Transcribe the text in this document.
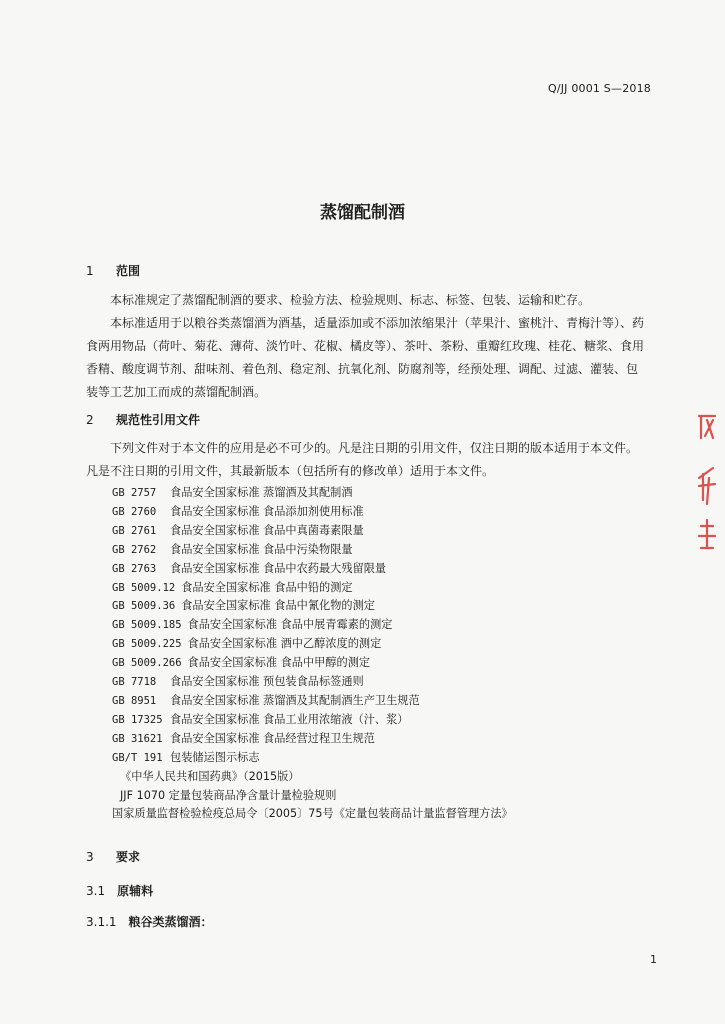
Q/JJ 0001 S—2018
蒸馏配制酒
1 范围

本标准规定了蒸馏配制酒的要求、检验方法、检验规则、标志、标签、包装、运输和贮存。

本标准适用于以粮谷类蒸馏酒为酒基，适量添加或不添加浓缩果汁（苹果汁、蜜桃汁、青梅汁等）、药食两用物品（荷叶、菊花、薄荷、淡竹叶、花椒、橘皮等）、茶叶、茶粉、重瓣红玫瑰、桂花、糖浆、食用香精、酸度调节剂、甜味剂、着色剂、稳定剂、抗氧化剂、防腐剂等，经预处理、调配、过滤、灌装、包装等工艺加工而成的蒸馏配制酒。

2 规范性引用文件

下列文件对于本文件的应用是必不可少的。凡是注日期的引用文件，仅注日期的版本适用于本文件。凡是不注日期的引用文件，其最新版本（包括所有的修改单）适用于本文件。

GB 2757 食品安全国家标准 蒸馏酒及其配制酒
GB 2760 食品安全国家标准 食品添加剂使用标准
GB 2761 食品安全国家标准 食品中真菌毒素限量
GB 2762 食品安全国家标准 食品中污染物限量
GB 2763 食品安全国家标准 食品中农药最大残留限量
GB 5009.12 食品安全国家标准 食品中铅的测定
GB 5009.36 食品安全国家标准 食品中氰化物的测定
GB 5009.185 食品安全国家标准 食品中展青霉素的测定
GB 5009.225 食品安全国家标准 酒中乙醇浓度的测定
GB 5009.266 食品安全国家标准 食品中甲醇的测定
GB 7718 食品安全国家标准 预包装食品标签通则
GB 8951 食品安全国家标准 蒸馏酒及其配制酒生产卫生规范
GB 17325 食品安全国家标准 食品工业用浓缩液（汁、浆）
GB 31621 食品安全国家标准 食品经营过程卫生规范
GB/T 191 包装储运图示标志
《中华人民共和国药典》（2015版）
JJF 1070 定量包装商品净含量计量检验规则
国家质量监督检验检疫总局令〔2005〕75号《定量包装商品计量监督管理方法》
3 要求
3.1 原辅料
3.1.1 粮谷类蒸馏酒：
1
